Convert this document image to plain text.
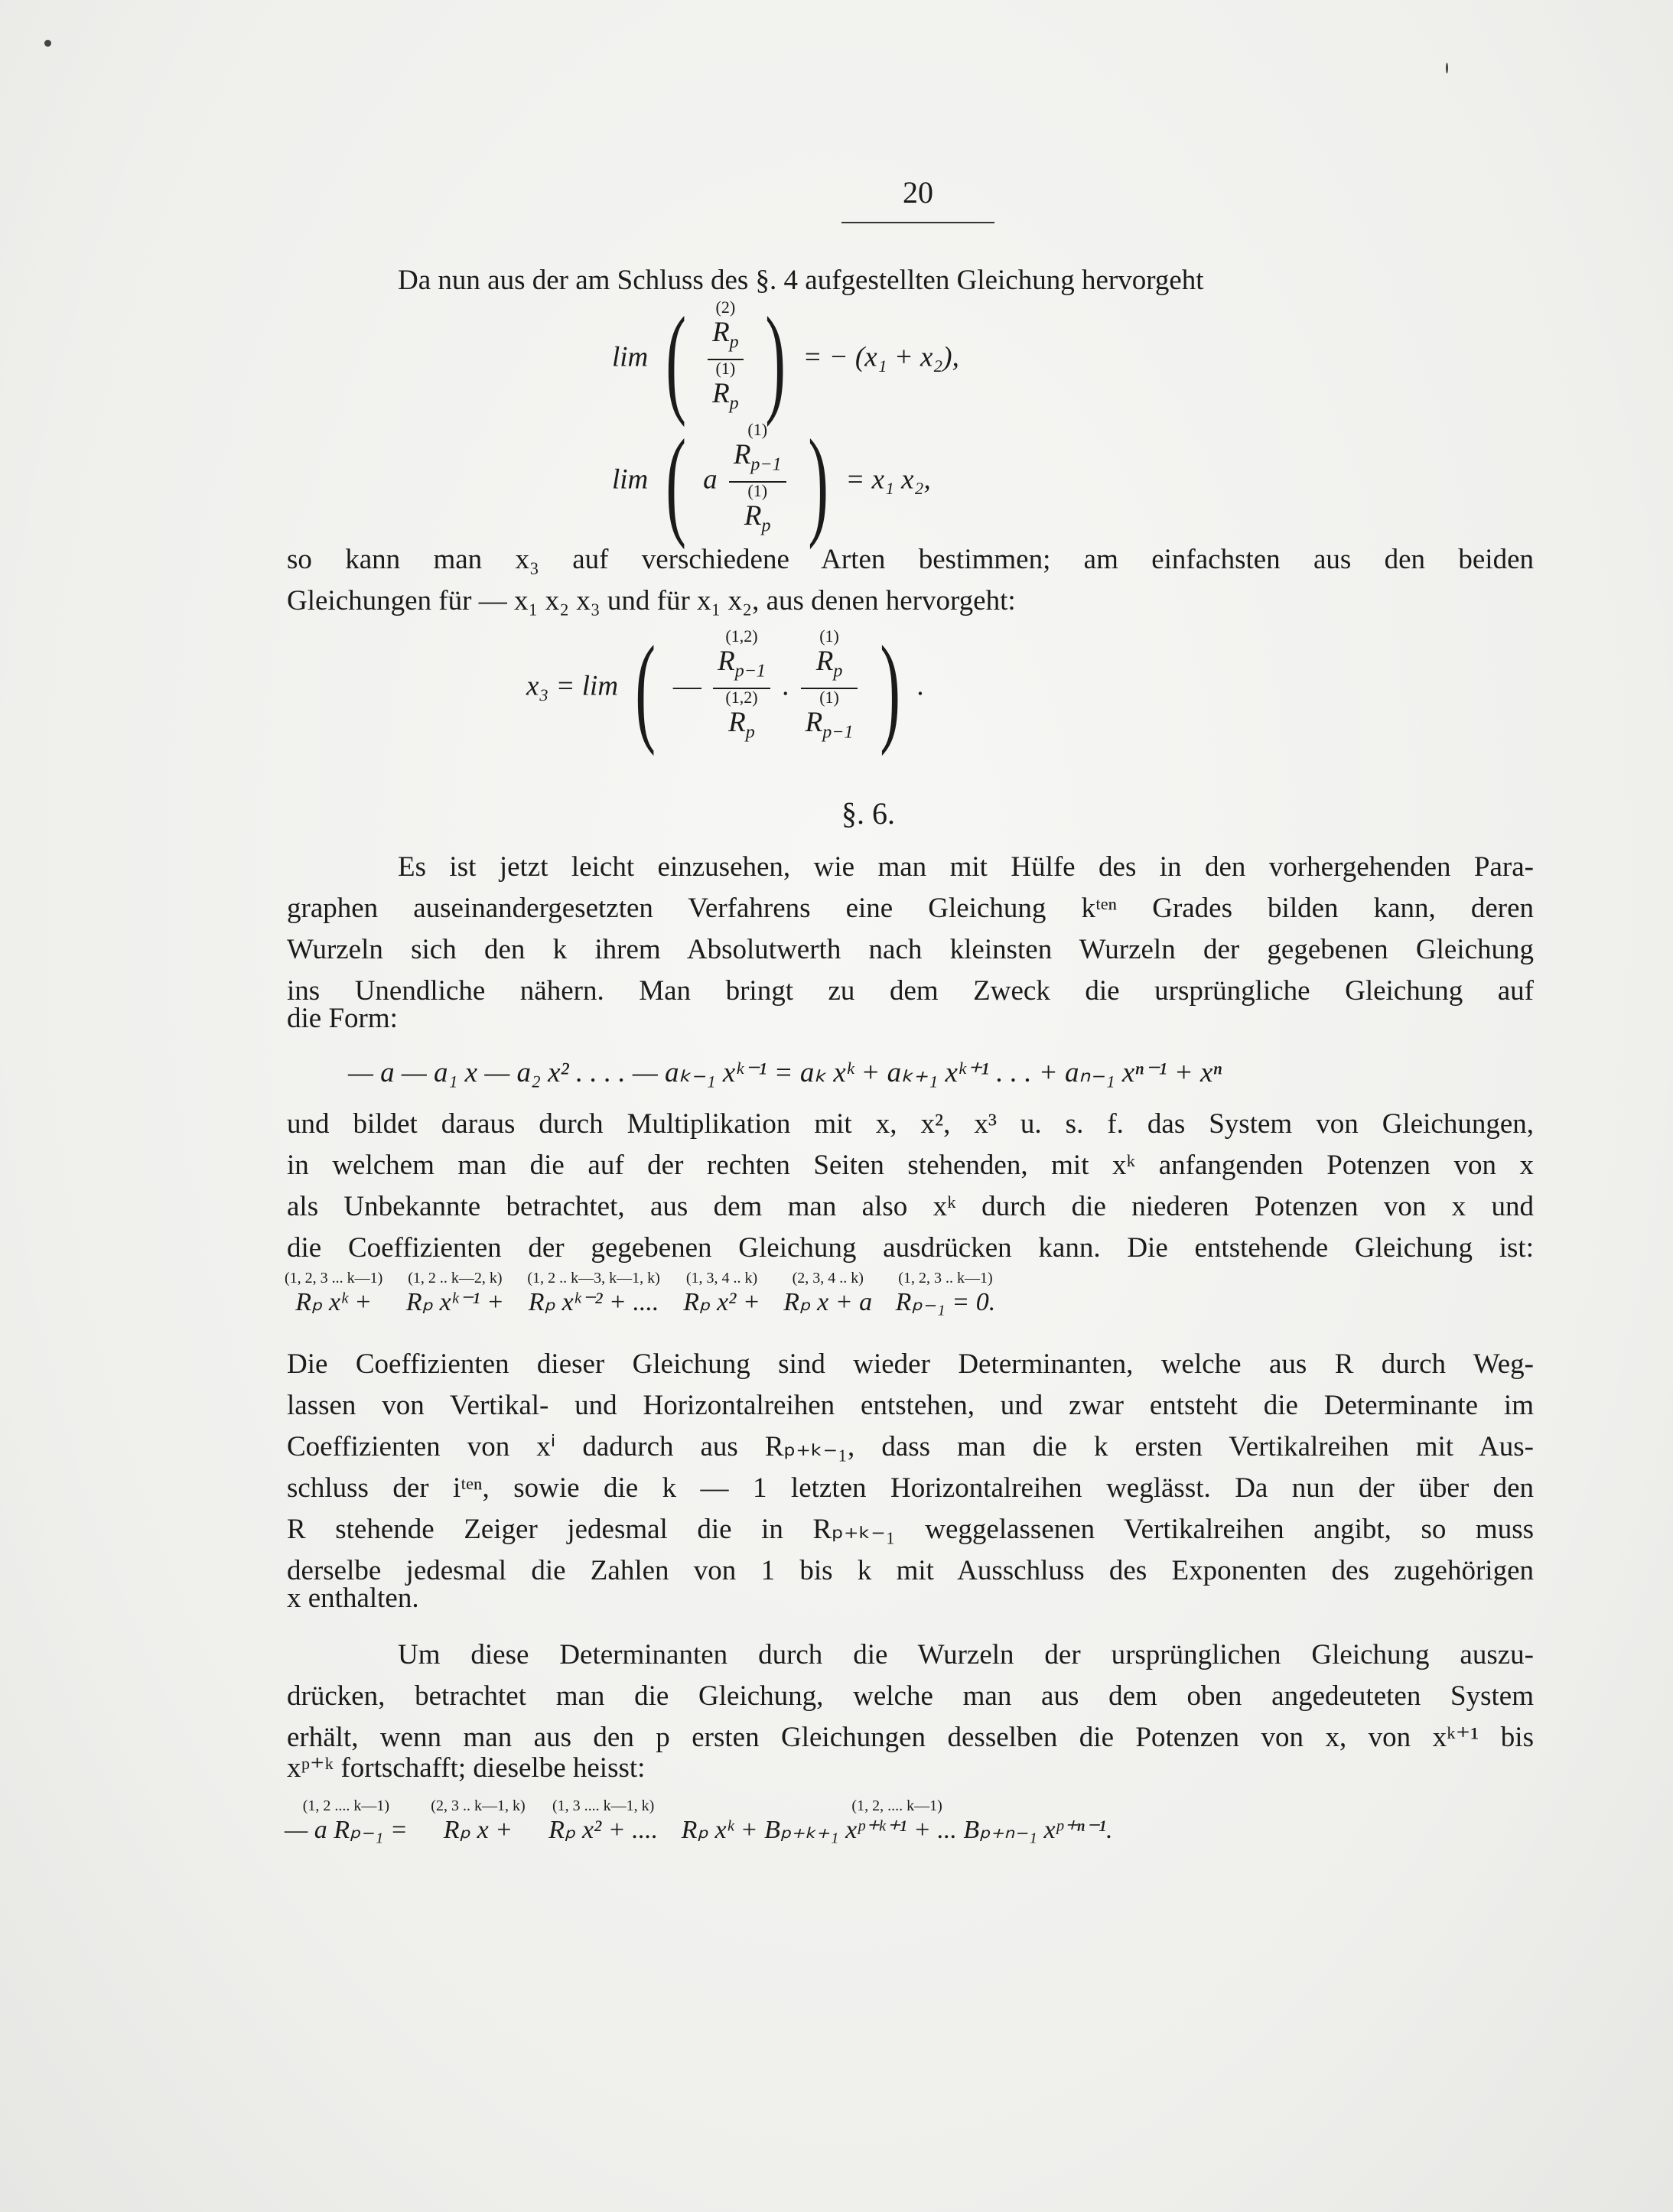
20
Da nun aus der am Schluss des §. 4 aufgestellten Gleichung hervorgeht
lim ( (2)
$R_p$
(1)
$R_p$ ) = − (x₁ + x₂),
lim ( a (1)
$R_{p-1}$
(1)
$R_p$ ) = x₁ x₂,
so kann man x₃ auf verschiedene Arten bestimmen; am einfachsten aus den beiden
Gleichungen für — x₁ x₂ x₃ und für x₁ x₂, aus denen hervorgeht:
x₃ = lim ( — (1,2)
$R_{p-1}$
(1,2)
$R_p$ . (1)
$R_p$
(1)
$R_{p-1}$ ) .
§. 6.
Es ist jetzt leicht einzusehen, wie man mit Hülfe des in den vorhergehenden Para-
graphen auseinandergesetzten Verfahrens eine Gleichung kᵗᵉⁿ Grades bilden kann, deren
Wurzeln sich den k ihrem Absolutwerth nach kleinsten Wurzeln der gegebenen Gleichung
ins Unendliche nähern. Man bringt zu dem Zweck die ursprüngliche Gleichung auf
die Form:
— a — a₁ x — a₂ x² . . . . — aₖ₋₁ xᵏ⁻¹ = aₖ xᵏ + aₖ₊₁ xᵏ⁺¹ . . . + aₙ₋₁ xⁿ⁻¹ + xⁿ
und bildet daraus durch Multiplikation mit x, x², x³ u. s. f. das System von Gleichungen,
in welchem man die auf der rechten Seiten stehenden, mit xᵏ anfangenden Potenzen von x
als Unbekannte betrachtet, aus dem man also xᵏ durch die niederen Potenzen von x und
die Coeffizienten der gegebenen Gleichung ausdrücken kann. Die entstehende Gleichung ist:
(1, 2, 3 ... k—1)
Rₚ xᵏ +
(1, 2 .. k—2, k)
Rₚ xᵏ⁻¹ +
(1, 2 .. k—3, k—1, k)
Rₚ xᵏ⁻² + ....
(1, 3, 4 .. k)
Rₚ x² +
(2, 3, 4 .. k)
Rₚ x + a
(1, 2, 3 .. k—1)
Rₚ₋₁ = 0.
Die Coeffizienten dieser Gleichung sind wieder Determinanten, welche aus R durch Weg-
lassen von Vertikal- und Horizontalreihen entstehen, und zwar entsteht die Determinante im
Coeffizienten von xⁱ dadurch aus Rₚ₊ₖ₋₁, dass man die k ersten Vertikalreihen mit Aus-
schluss der iᵗᵉⁿ, sowie die k — 1 letzten Horizontalreihen weglässt. Da nun der über den
R stehende Zeiger jedesmal die in Rₚ₊ₖ₋₁ weggelassenen Vertikalreihen angibt, so muss
derselbe jedesmal die Zahlen von 1 bis k mit Ausschluss des Exponenten des zugehörigen
x enthalten.
Um diese Determinanten durch die Wurzeln der ursprünglichen Gleichung auszu-
drücken, betrachtet man die Gleichung, welche man aus dem oben angedeuteten System
erhält, wenn man aus den p ersten Gleichungen desselben die Potenzen von x, von xᵏ⁺¹ bis
xᵖ⁺ᵏ fortschafft; dieselbe heisst:
(1, 2 .... k—1)
— a Rₚ₋₁ =
(2, 3 .. k—1, k)
Rₚ x +
(1, 3 .... k—1, k)
Rₚ x² + ....
(1, 2, .... k—1)
Rₚ xᵏ + Bₚ₊ₖ₊₁ xᵖ⁺ᵏ⁺¹ + ... Bₚ₊ₙ₋₁ xᵖ⁺ⁿ⁻¹.
